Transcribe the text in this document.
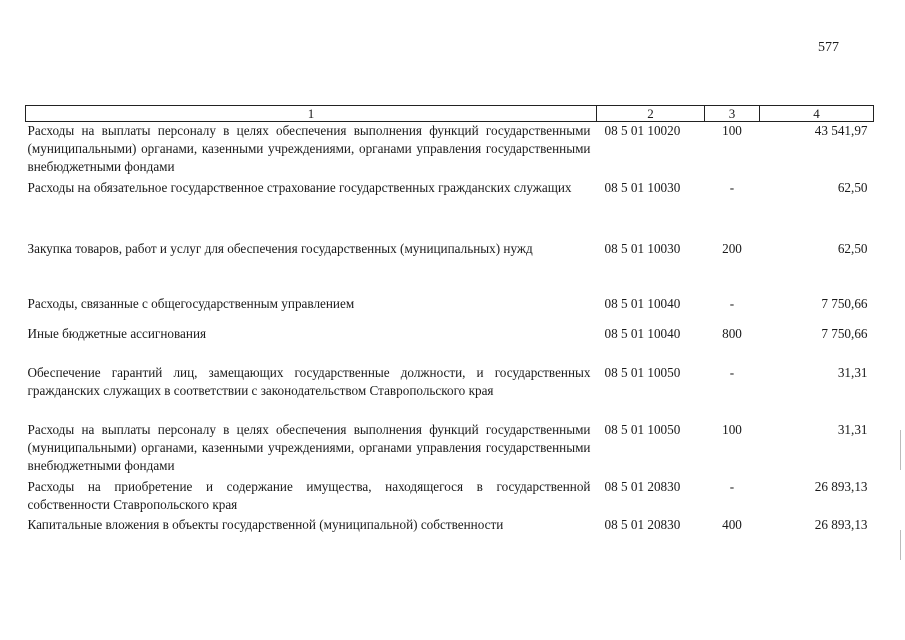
577
1	2	3	4
Расходы на выплаты персоналу в целях обеспечения выполнения функций государственными (муниципальными) органами, казенными учреждениями, органами управления государственными внебюджетными фондами	08 5 01 10020	100	43 541,97
Расходы на обязательное государственное страхование государственных гражданских служащих	08 5 01 10030	-	62,50
Закупка товаров, работ и услуг для обеспечения государственных (муниципальных) нужд	08 5 01 10030	200	62,50
Расходы, связанные с общегосударственным управлением	08 5 01 10040	-	7 750,66
Иные бюджетные ассигнования	08 5 01 10040	800	7 750,66
Обеспечение гарантий лиц, замещающих государственные должности, и государственных гражданских служащих в соответствии с законодательством Ставропольского края	08 5 01 10050	-	31,31
Расходы на выплаты персоналу в целях обеспечения выполнения функций государственными (муниципальными) органами, казенными учреждениями, органами управления государственными внебюджетными фондами	08 5 01 10050	100	31,31
Расходы на приобретение и содержание имущества, находящегося в государственной собственности Ставропольского края	08 5 01 20830	-	26 893,13
Капитальные вложения в объекты государственной (муниципальной) собственности	08 5 01 20830	400	26 893,13
